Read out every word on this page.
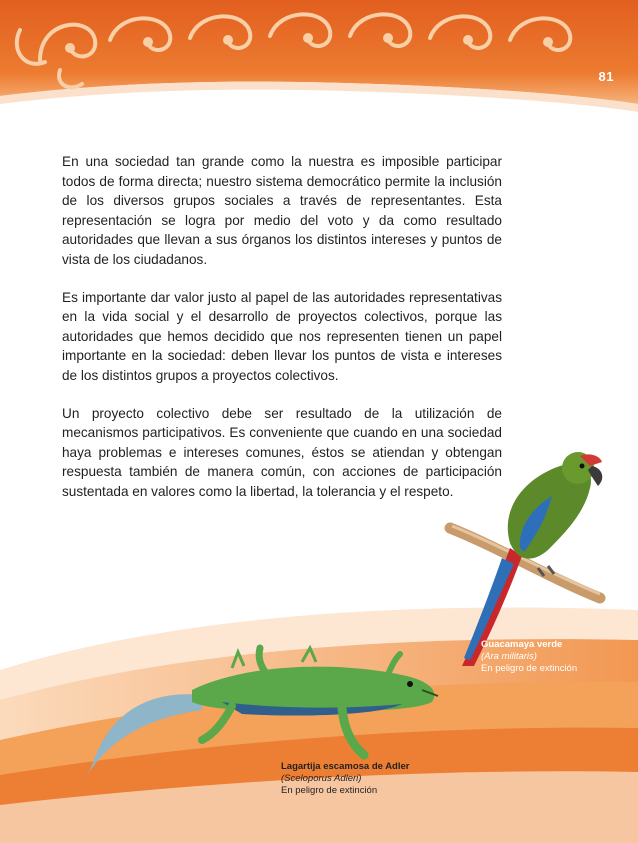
81

En una sociedad tan grande como la nuestra es imposible participar todos de forma directa; nuestro sistema democrático permite la inclusión de los diversos grupos sociales a través de representantes. Esta representación se logra por medio del voto y da como resultado autoridades que llevan a sus órganos los distintos intereses y puntos de vista de los ciudadanos.

Es importante dar valor justo al papel de las autoridades representativas en la vida social y el desarrollo de proyectos colectivos, porque las autoridades que hemos decidido que nos representen tienen un papel importante en la sociedad: deben llevar los puntos de vista e intereses de los distintos grupos a proyectos colectivos.

Un proyecto colectivo debe ser resultado de la utilización de mecanismos participativos. Es conveniente que cuando en una sociedad haya problemas e intereses comunes, éstos se atiendan y obtengan respuesta también de manera común, con acciones de participación sustentada en valores como la libertad, la tolerancia y el respeto.

Guacamaya verde
(Ara militaris)
En peligro de extinción
Lagartija escamosa de Adler
(Sceloporus Adleri)
En peligro de extinción
